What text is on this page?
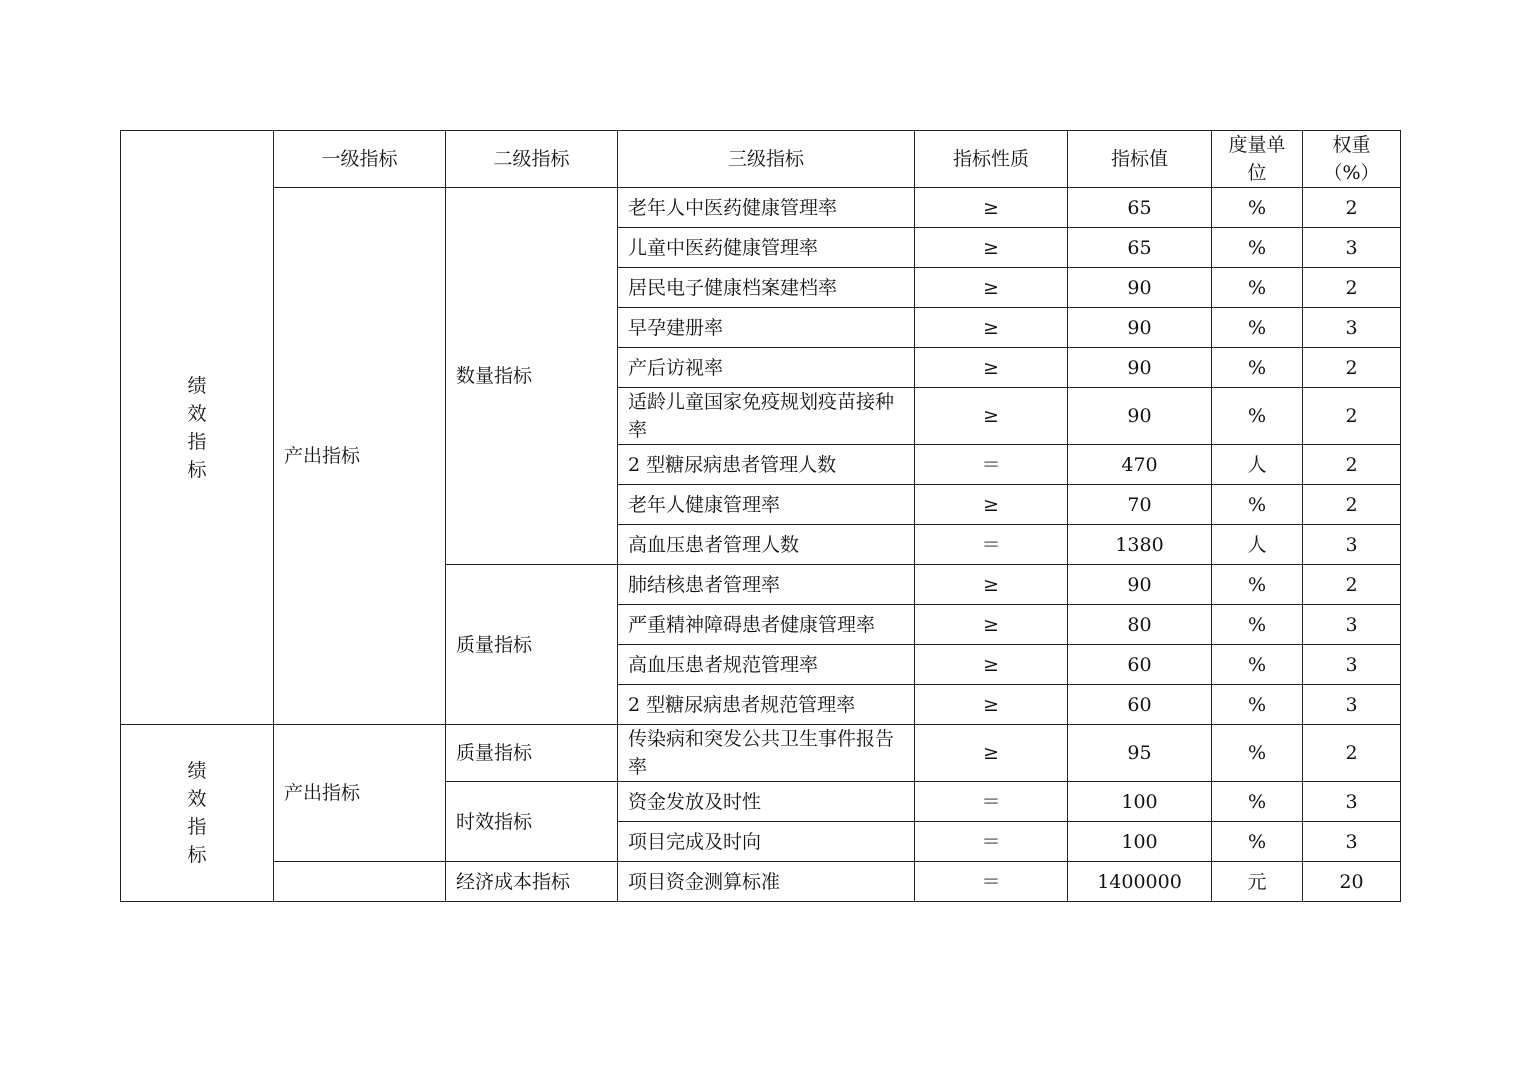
绩效指标	一级指标	二级指标	三级指标	指标性质	指标值	度量单位	权重（%）
	产出指标	数量指标	老年人中医药健康管理率	≥	65	%	2
			儿童中医药健康管理率	≥	65	%	3
			居民电子健康档案建档率	≥	90	%	2
			早孕建册率	≥	90	%	3
			产后访视率	≥	90	%	2
			适龄儿童国家免疫规划疫苗接种率	≥	90	%	2
			2 型糖尿病患者管理人数	＝	470	人	2
			老年人健康管理率	≥	70	%	2
			高血压患者管理人数	＝	1380	人	3
		质量指标	肺结核患者管理率	≥	90	%	2
			严重精神障碍患者健康管理率	≥	80	%	3
			高血压患者规范管理率	≥	60	%	3
			2 型糖尿病患者规范管理率	≥	60	%	3
绩效指标	产出指标	质量指标	传染病和突发公共卫生事件报告率	≥	95	%	2
		时效指标	资金发放及时性	＝	100	%	3
			项目完成及时向	＝	100	%	3
		经济成本指标	项目资金测算标准	＝	1400000	元	20
